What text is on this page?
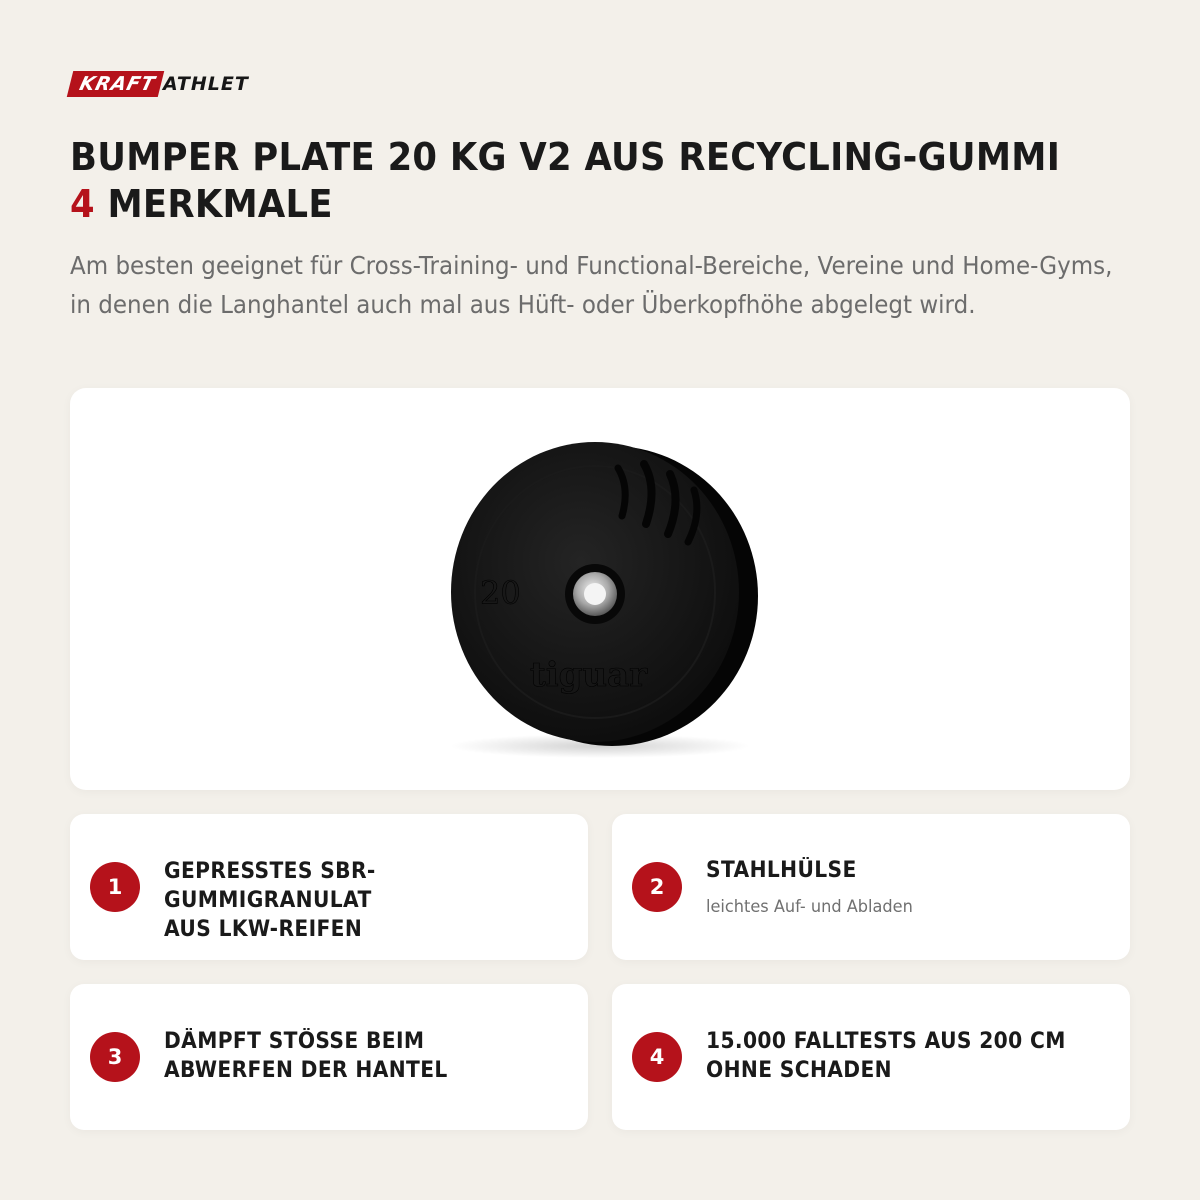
KRAFT ATHLET
BUMPER PLATE 20 KG V2 AUS RECYCLING-GUMMI
4 MERKMALE

Am besten geeignet für Cross-Training- und Functional-Bereiche, Vereine und Home-Gyms, in denen die Langhantel auch mal aus Hüft- oder Überkopfhöhe abgelegt wird.

20
tiguar
1
GEPRESSTES SBR-GUMMIGRANULAT
AUS LKW-REIFEN
2
STAHLHÜLSE
leichtes Auf- und Abladen
3
DÄMPFT STÖSSE BEIM
ABWERFEN DER HANTEL
4
15.000 FALLTESTS AUS 200 CM
OHNE SCHADEN
